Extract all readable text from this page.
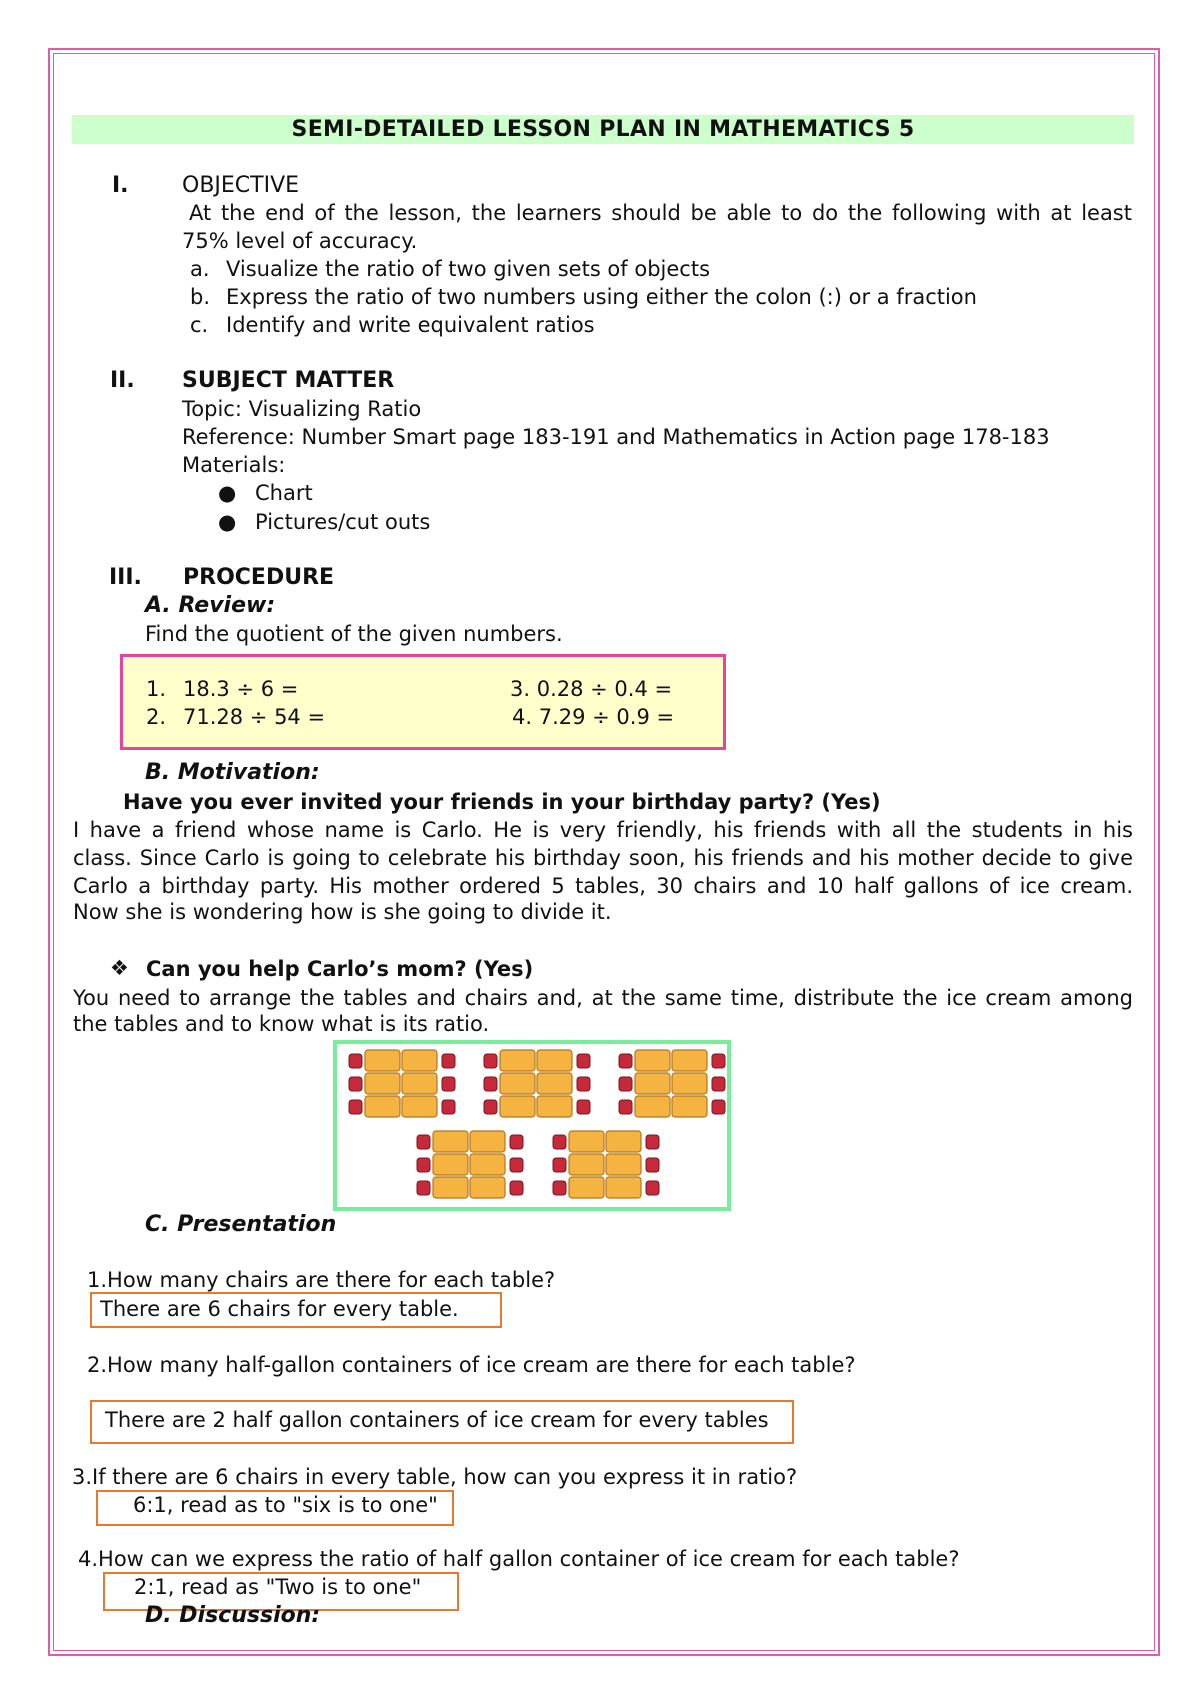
SEMI-DETAILED LESSON PLAN IN MATHEMATICS 5
I. OBJECTIVE
At the end of the lesson, the learners should be able to do the following with at least
75% level of accuracy.
a. Visualize the ratio of two given sets of objects
b. Express the ratio of two numbers using either the colon (:) or a fraction
c. Identify and write equivalent ratios
II. SUBJECT MATTER
Topic: Visualizing Ratio
Reference: Number Smart page 183-191 and Mathematics in Action page 178-183
Materials:
● Chart
● Pictures/cut outs
III. PROCEDURE
A. Review:
Find the quotient of the given numbers.
1. 18.3 ÷ 6 =
2. 71.28 ÷ 54 =
3. 0.28 ÷ 0.4 =
4. 7.29 ÷ 0.9 =
B. Motivation:
Have you ever invited your friends in your birthday party? (Yes)
I have a friend whose name is Carlo. He is very friendly, his friends with all the students in his
class. Since Carlo is going to celebrate his birthday soon, his friends and his mother decide to give
Carlo a birthday party. His mother ordered 5 tables, 30 chairs and 10 half gallons of ice cream.
Now she is wondering how is she going to divide it.
❖ Can you help Carlo’s mom? (Yes)
You need to arrange the tables and chairs and, at the same time, distribute the ice cream among
the tables and to know what is its ratio.
C. Presentation
1.How many chairs are there for each table?
There are 6 chairs for every table.
2.How many half-gallon containers of ice cream are there for each table?
There are 2 half gallon containers of ice cream for every tables
3.If there are 6 chairs in every table, how can you express it in ratio?
6:1, read as to "six is to one"
4.How can we express the ratio of half gallon container of ice cream for each table?
2:1, read as "Two is to one"
D. Discussion:
